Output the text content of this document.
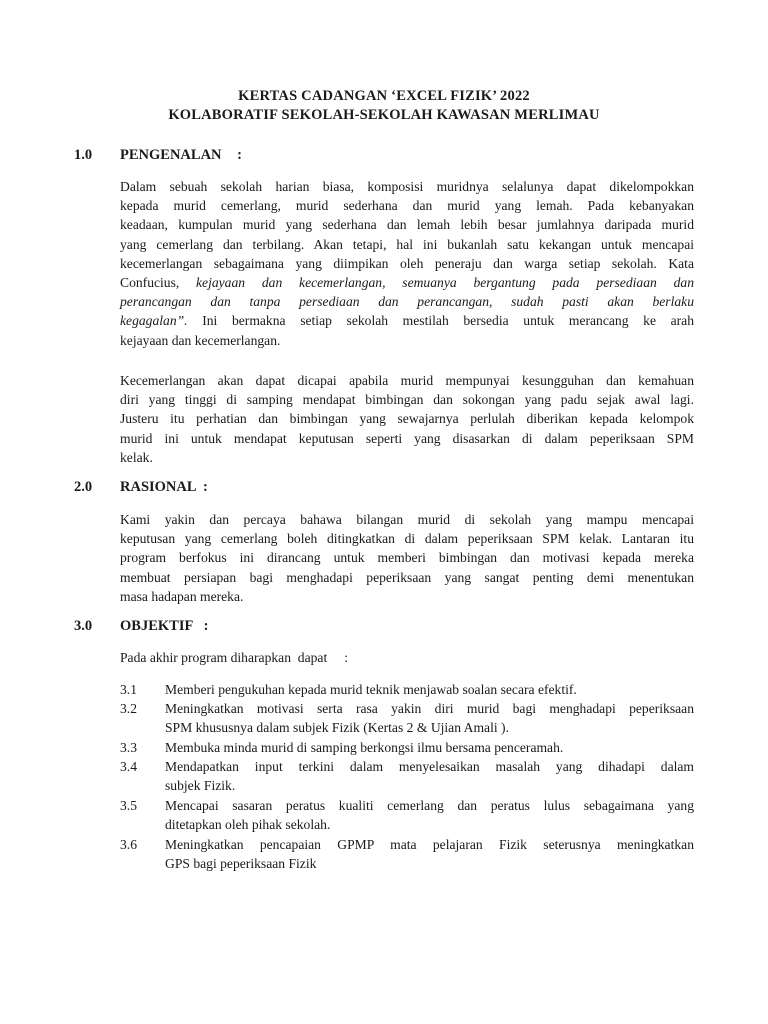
KERTAS CADANGAN ‘EXCEL FIZIK’ 2022
KOLABORATIF SEKOLAH-SEKOLAH KAWASAN MERLIMAU
1.0 PENGENALAN	:
Dalam sebuah sekolah harian biasa, komposisi muridnya selalunya dapat dikelompokkan
kepada murid cemerlang, murid sederhana dan murid yang lemah. Pada kebanyakan
keadaan, kumpulan murid yang sederhana dan lemah lebih besar jumlahnya daripada murid
yang cemerlang dan terbilang. Akan tetapi, hal ini bukanlah satu kekangan untuk mencapai
kecemerlangan sebagaimana yang diimpikan oleh peneraju dan warga setiap sekolah. Kata
Confucius,
kejayaan dan kecemerlangan.
kejayaan dan kecemerlangan, semuanya bergantung pada persediaan dan
perancangan dan tanpa persediaan dan perancangan, sudah pasti akan berlaku
kegagalan”. Ini bermakna setiap sekolah mestilah bersedia untuk merancang ke arah
Kecemerlangan akan dapat dicapai apabila murid mempunyai kesungguhan dan kemahuan
diri yang tinggi di samping mendapat bimbingan dan sokongan yang padu sejak awal lagi.
Justeru itu perhatian dan bimbingan yang sewajarnya perlulah diberikan kepada kelompok
murid ini untuk mendapat keputusan seperti yang disasarkan di dalam peperiksaan SPM
kelak.
2.0 RASIONAL  :
Kami yakin dan percaya bahawa bilangan murid di sekolah yang mampu mencapai
keputusan yang cemerlang boleh ditingkatkan di dalam peperiksaan SPM kelak. Lantaran itu
program berfokus ini dirancang untuk memberi bimbingan dan motivasi kepada mereka
membuat persiapan bagi menghadapi peperiksaan yang sangat penting demi menentukan
masa hadapan mereka.
3.0 OBJEKTIF   :
Pada akhir program diharapkan  dapat     :
3.1 Memberi pengukuhan kepada murid teknik menjawab soalan secara efektif.
3.2 Meningkatkan motivasi serta rasa yakin diri murid bagi menghadapi peperiksaan
SPM khususnya dalam subjek Fizik (Kertas 2 & Ujian Amali ).
3.3 Membuka minda murid di samping berkongsi ilmu bersama penceramah.
3.4 Mendapatkan input terkini dalam menyelesaikan masalah yang dihadapi dalam
subjek Fizik.
3.5 Mencapai sasaran peratus kualiti cemerlang dan peratus lulus sebagaimana yang
ditetapkan oleh pihak sekolah.
3.6 Meningkatkan pencapaian GPMP mata pelajaran Fizik seterusnya meningkatkan
GPS bagi peperiksaan Fizik
